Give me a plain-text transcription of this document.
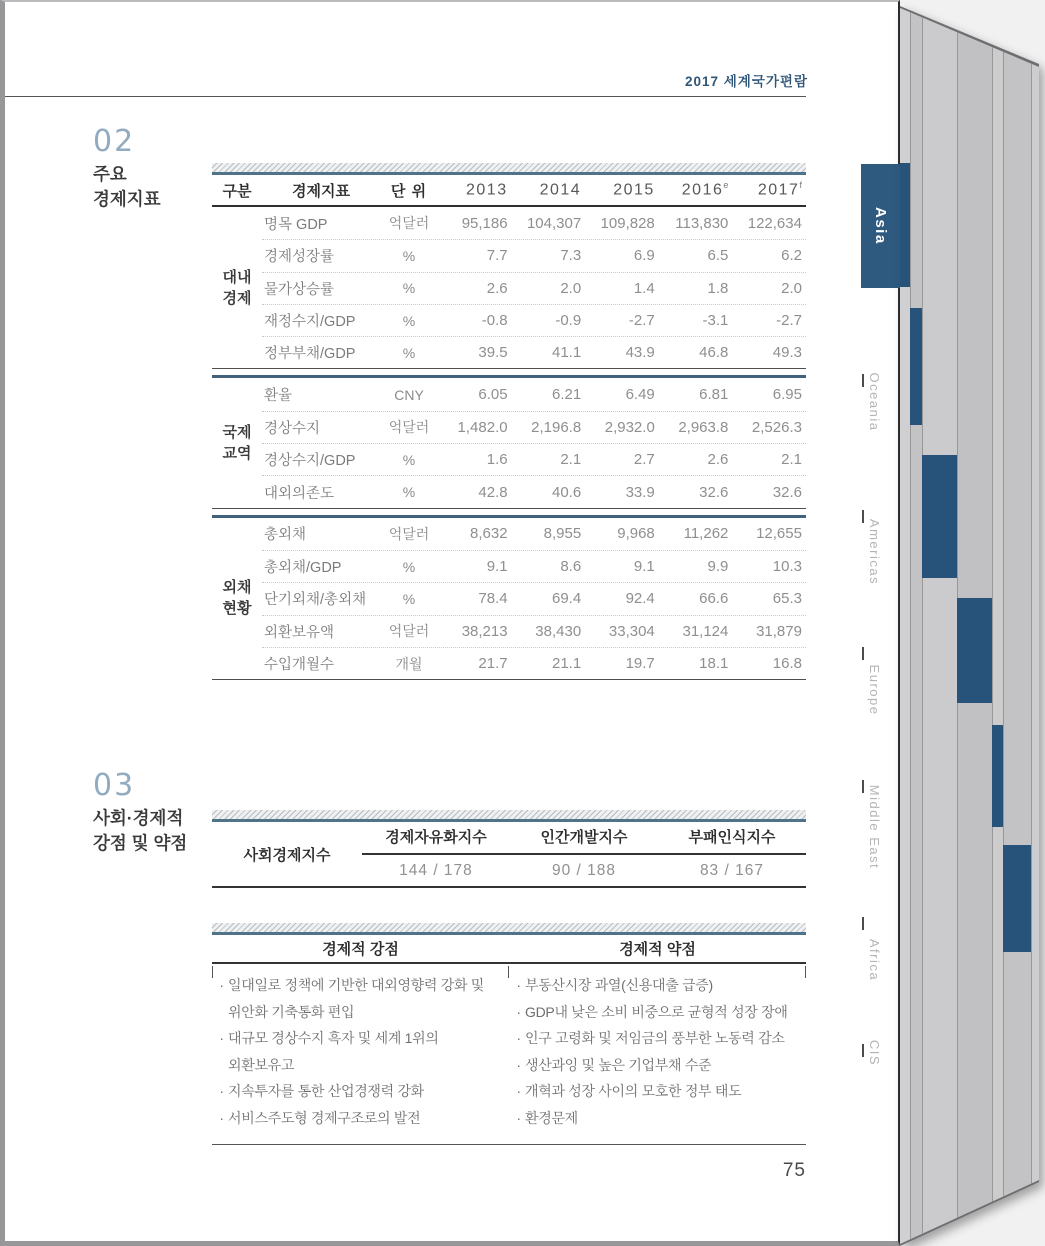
2017 세계국가편람
02
주요
경제지표	구분	경제지표	단 위	2013	2014	2015	2016e	2017$^f$
대내
경제
명목 GDP	억달러	95,186	104,307	109,828	113,830	122,634
경제성장률	%	7.7	7.3	6.9	6.5	6.2
물가상승률	%	2.6	2.0	1.4	1.8	2.0
재정수지/GDP	%	-0.8	-0.9	-2.7	-3.1	-2.7
정부부채/GDP	%	39.5	41.1	43.9	46.8	49.3
국제
교역
환율	CNY	6.05	6.21	6.49	6.81	6.95
경상수지	억달러	1,482.0	2,196.8	2,932.0	2,963.8	2,526.3
경상수지/GDP	%	1.6	2.1	2.7	2.6	2.1
대외의존도	%	42.8	40.6	33.9	32.6	32.6
외채
현황
총외채	억달러	8,632	8,955	9,968	11,262	12,655
총외채/GDP	%	9.1	8.6	9.1	9.9	10.3
단기외채/총외채	%	78.4	69.4	92.4	66.6	65.3
외환보유액	억달러	38,213	38,430	33,304	31,124	31,879
수입개월수	개월	21.7	21.1	19.7	18.1	16.8
03
사회·경제적
강점 및 약점
사회경제지수
경제자유화지수	인간개발지수	부패인식지수
144 / 178	90 / 188	83 / 167
경제적 강점	경제적 약점
· 일대일로 정책에 기반한 대외영향력 강화 및 위안화 기축통화 편입
· 대규모 경상수지 흑자 및 세계 1위의 외환보유고
· 지속투자를 통한 산업경쟁력 강화
· 서비스주도형 경제구조로의 발전
· 부동산시장 과열(신용대출 급증)
· GDP내 낮은 소비 비중으로 균형적 성장 장애
· 인구 고령화 및 저임금의 풍부한 노동력 감소
· 생산과잉 및 높은 기업부채 수준
· 개혁과 성장 사이의 모호한 정부 태도
· 환경문제
75
Asia
Oceania
Americas
Europe
Middle East
Africa
CIS
